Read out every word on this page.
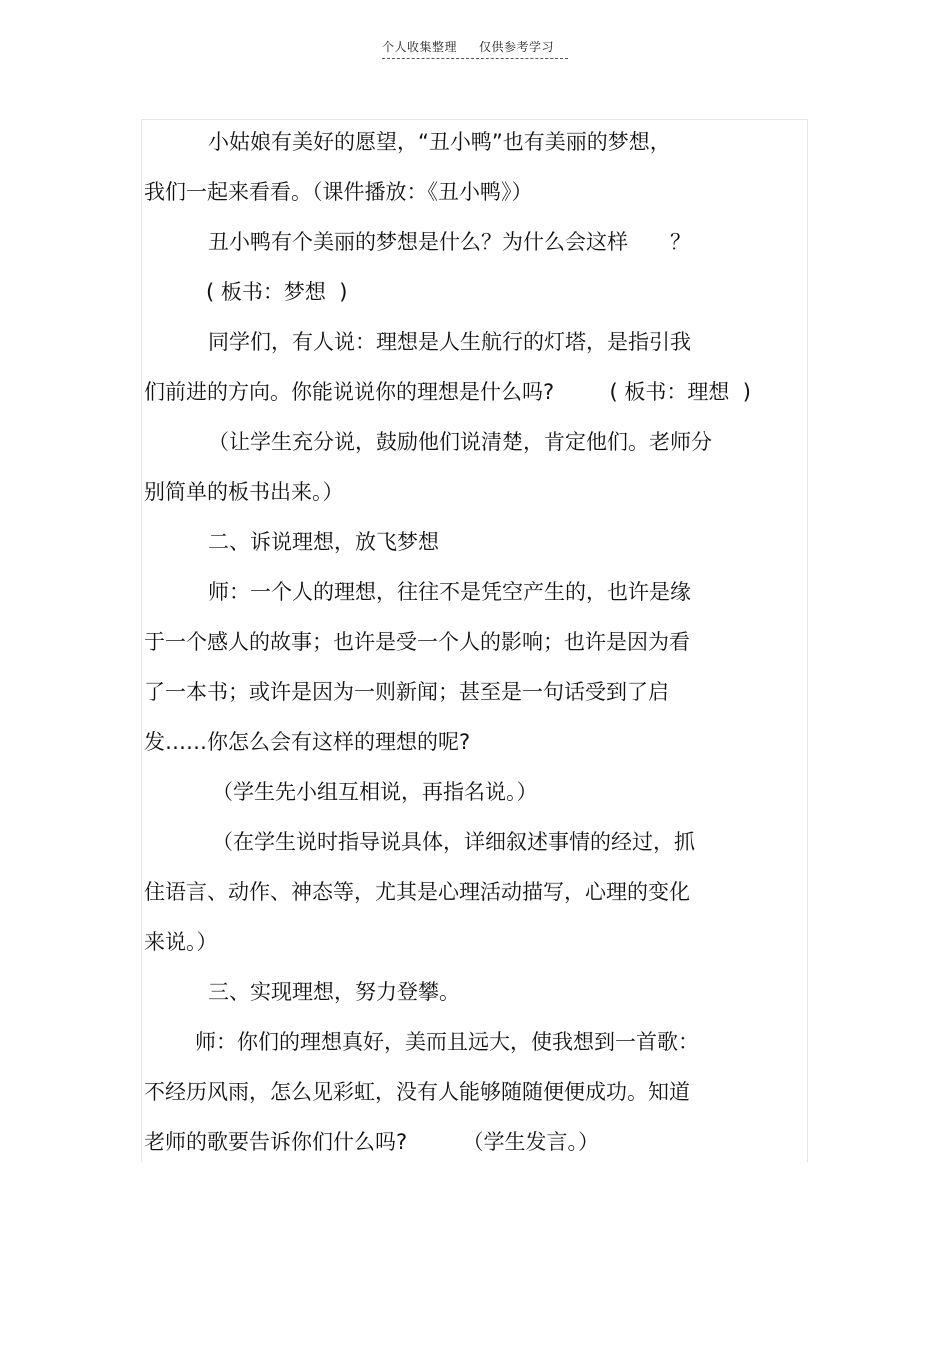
个人收集整理 仅供参考学习
小姑娘有美好的愿望，“丑小鸭”也有美丽的梦想，
我们一起来看看。（课件播放：《丑小鸭》）
丑小鸭有个美丽的梦想是什么？为什么会这样　　？
( 板书：梦想  )
同学们，有人说：理想是人生航行的灯塔，是指引我
们前进的方向。你能说说你的理想是什么吗?　　  ( 板书：理想  )
（让学生充分说，鼓励他们说清楚，肯定他们。老师分
别简单的板书出来。）
二、诉说理想，放飞梦想
师：一个人的理想，往往不是凭空产生的，也许是缘
于一个感人的故事；也许是受一个人的影响；也许是因为看
了一本书；或许是因为一则新闻；甚至是一句话受到了启
发……你怎么会有这样的理想的呢?
（学生先小组互相说，再指名说。）
（在学生说时指导说具体，详细叙述事情的经过，抓
住语言、动作、神态等，尤其是心理活动描写，心理的变化
来说。）
三、实现理想，努力登攀。
师：你们的理想真好，美而且远大，使我想到一首歌：
不经历风雨，怎么见彩虹，没有人能够随随便便成功。知道
老师的歌要告诉你们什么吗?　　  （学生发言。）
